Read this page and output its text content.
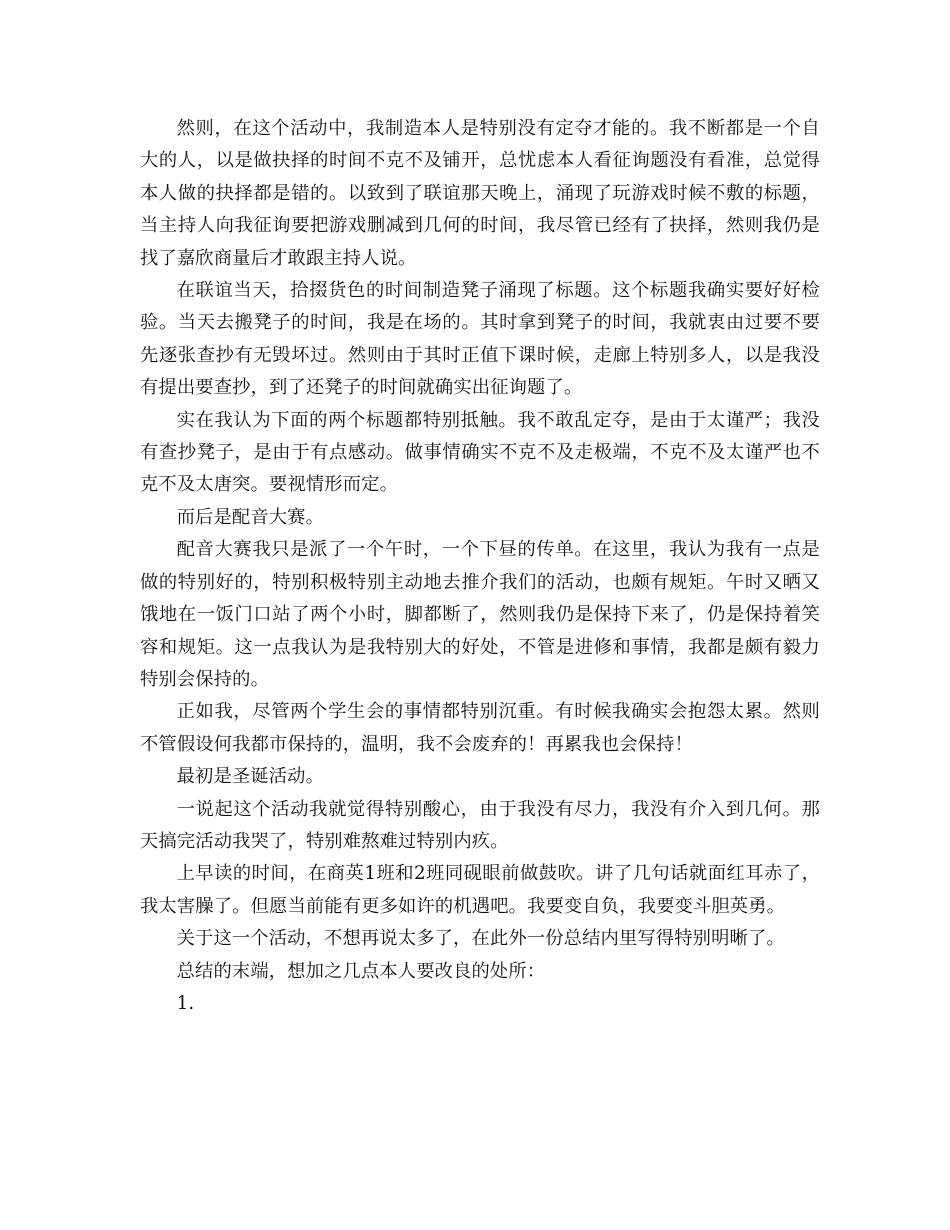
然则，在这个活动中，我制造本人是特别没有定夺才能的。我不断都是一个自大的人，以是做抉择的时间不克不及铺开，总忧虑本人看征询题没有看准，总觉得本人做的抉择都是错的。以致到了联谊那天晚上，涌现了玩游戏时候不敷的标题，当主持人向我征询要把游戏删减到几何的时间，我尽管已经有了抉择，然则我仍是找了嘉欣商量后才敢跟主持人说。

在联谊当天，拾掇货色的时间制造凳子涌现了标题。这个标题我确实要好好检验。当天去搬凳子的时间，我是在场的。其时拿到凳子的时间，我就衷由过要不要先逐张查抄有无毁坏过。然则由于其时正值下课时候，走廊上特别多人，以是我没有提出要查抄，到了还凳子的时间就确实出征询题了。

实在我认为下面的两个标题都特别抵触。我不敢乱定夺，是由于太谨严；我没有查抄凳子，是由于有点感动。做事情确实不克不及走极端，不克不及太谨严也不克不及太唐突。要视情形而定。

而后是配音大赛。

配音大赛我只是派了一个午时，一个下昼的传单。在这里，我认为我有一点是做的特别好的，特别积极特别主动地去推介我们的活动，也颇有规矩。午时又晒又饿地在一饭门口站了两个小时，脚都断了，然则我仍是保持下来了，仍是保持着笑容和规矩。这一点我认为是我特别大的好处，不管是进修和事情，我都是颇有毅力特别会保持的。

正如我，尽管两个学生会的事情都特别沉重。有时候我确实会抱怨太累。然则不管假设何我都市保持的，温明，我不会废弃的！再累我也会保持！

最初是圣诞活动。

一说起这个活动我就觉得特别酸心，由于我没有尽力，我没有介入到几何。那天搞完活动我哭了，特别难熬难过特别内疚。

上早读的时间，在商英1班和2班同砚眼前做鼓吹。讲了几句话就面红耳赤了，我太害臊了。但愿当前能有更多如许的机遇吧。我要变自负，我要变斗胆英勇。

关于这一个活动，不想再说太多了，在此外一份总结内里写得特别明晰了。

总结的末端，想加之几点本人要改良的处所：

1.
